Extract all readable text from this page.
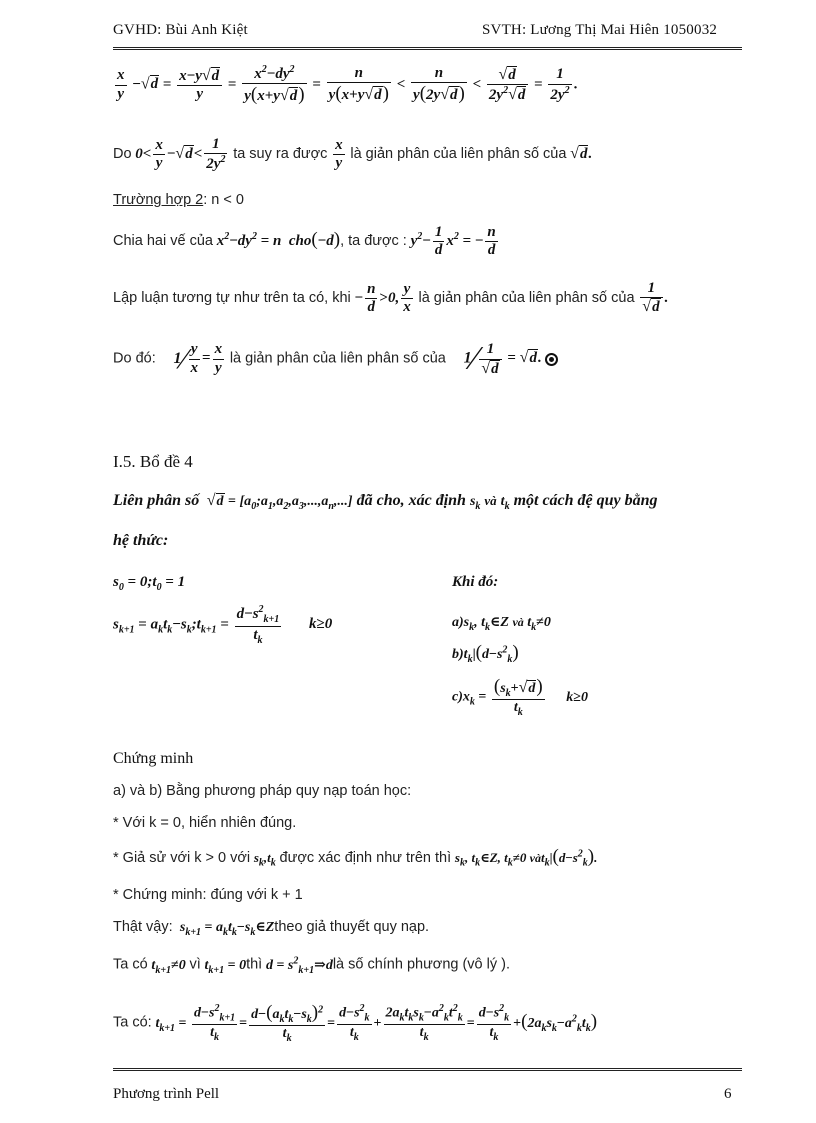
GVHD: Bùi Anh Kiệt	SVTH: Lương Thị Mai Hiên 1050032
$\frac{x}{y} -√d = \frac{x-y√d}{y} = \frac{x^2-dy^2}{y(x+y√d)} = \frac{n}{y(x+y√d)} < \frac{n}{y(2y√d)} < \frac{√d}{2y^2√d} = \frac{1}{2y^2}$ .
Do $0< \frac{x}{y} -√d< \frac{1}{2y^2}$ ta suy ra được $\frac{x}{y}$ là giản phân của liên phân số của √d.
Trường hợp 2: n < 0
Chia hai vế của $x^2-dy^2 = n$  cho(−d), ta được : $y^2- \frac{1}{d} x^2$ = − $\frac{n}{d}$
Lập luận tương tự như trên ta có, khi − $\frac{n}{d} >0$, $\frac{y}{x}$ là giản phân của liên phân số của $\frac{1}{√d}$ .
Do đó: 1⁄ $\frac{y}{x} = \frac{x}{y}$ là giản phân của liên phân số của 1⁄ $\frac{1}{√d} = √d$.
I.5. Bổ đề 4
Liên phân số $√d = [a_0;a_1,a_2,a_3,...,a_n,...]$ đã cho, xác định $s_k$ và $t_k$ một cách đệ quy bằng
hệ thức:
$s_0$ = $0;t_0 = 1$
$s_{k+1}$ = $a_kt_k-s_k;t_{k+1} = \frac{d-s^2_{k+1}}{t_k} k\ge 0$
Khi đó:
$a)s_k$, $t_k\in Z$ và $t_k\ne 0$
$b)t_k|(d-s^2_k)$
$c)x_k = \frac{(s_k+√d)}{t_k} k\ge 0$
Chứng minh
a) và b) Bằng phương pháp quy nạp toán học:
* Với k = 0, hiển nhiên đúng.
* Giả sử với k > 0 với $s_k,t_k$ được xác định như trên thì $s_k$, $t_k\in Z$, $t_k\ne 0$ $vàt_k|(d-s^2_k)$.
* Chứng minh: đúng với k + 1
Thật vậy:  $s_{k+1}$ = $a_kt_k-s_k\in Ztheo$ giả thuyết quy nạp.
Ta có $t_{k+1}\ne 0$ vì $t_{k+1}$ = 0thì $d = s^2_{k+1}\Rightarrow dlà$ số chính phương (vô lý ).
Ta có: $t_{k+1} = \frac{d-s^2_{k+1}}{t_k} = \frac{d-(a_kt_k-s_k)^2}{t_k} = \frac{d-s^2_k}{t_k} + \frac{2a_kt_ks_k-a^2_kt^2_k}{t_k} = \frac{d-s^2_k}{t_k} +(2a_ks_k-a^2_kt_k)$
Phương trình Pell	6
